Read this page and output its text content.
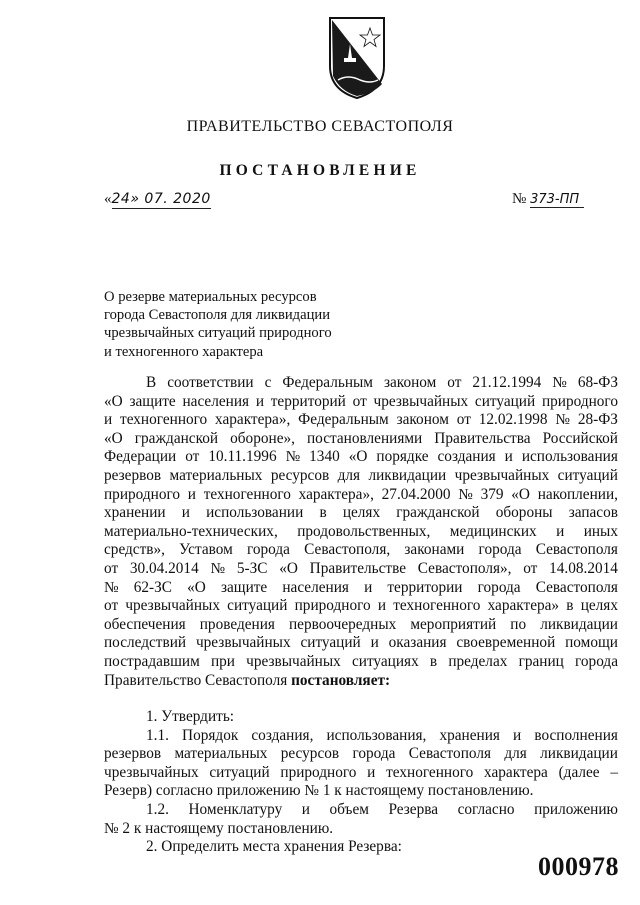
ПРАВИТЕЛЬСТВО СЕВАСТОПОЛЯ
ПОСТАНОВЛЕНИЕ
«24» 07. 2020	№ 373-ПП
О резерве материальных ресурсов
города Севастополя для ликвидации
чрезвычайных ситуаций природного
и техногенного характера
В соответствии с Федеральным законом от 21.12.1994 № 68-ФЗ
«О защите населения и территорий от чрезвычайных ситуаций природного
и техногенного характера», Федеральным законом от 12.02.1998 № 28-ФЗ
«О гражданской обороне», постановлениями Правительства Российской
Федерации от 10.11.1996 № 1340 «О порядке создания и использования
резервов материальных ресурсов для ликвидации чрезвычайных ситуаций
природного и техногенного характера», 27.04.2000 № 379 «О накоплении,
хранении и использовании в целях гражданской обороны запасов
материально-технических, продовольственных, медицинских и иных
средств», Уставом города Севастополя, законами города Севастополя
от 30.04.2014 № 5-ЗС «О Правительстве Севастополя», от 14.08.2014
№ 62-ЗС «О защите населения и территории города Севастополя
от чрезвычайных ситуаций природного и техногенного характера» в целях
обеспечения проведения первоочередных мероприятий по ликвидации
последствий чрезвычайных ситуаций и оказания своевременной помощи
пострадавшим при чрезвычайных ситуациях в пределах границ города
Правительство Севастополя
постановляет:
1. Утвердить:
1.1. Порядок создания, использования, хранения и восполнения
резервов материальных ресурсов города Севастополя для ликвидации
чрезвычайных ситуаций природного и техногенного характера (далее –
Резерв) согласно приложению № 1 к настоящему постановлению.
1.2. Номенклатуру и объем Резерва согласно приложению
№ 2 к настоящему постановлению.
2. Определить места хранения Резерва:
000978
